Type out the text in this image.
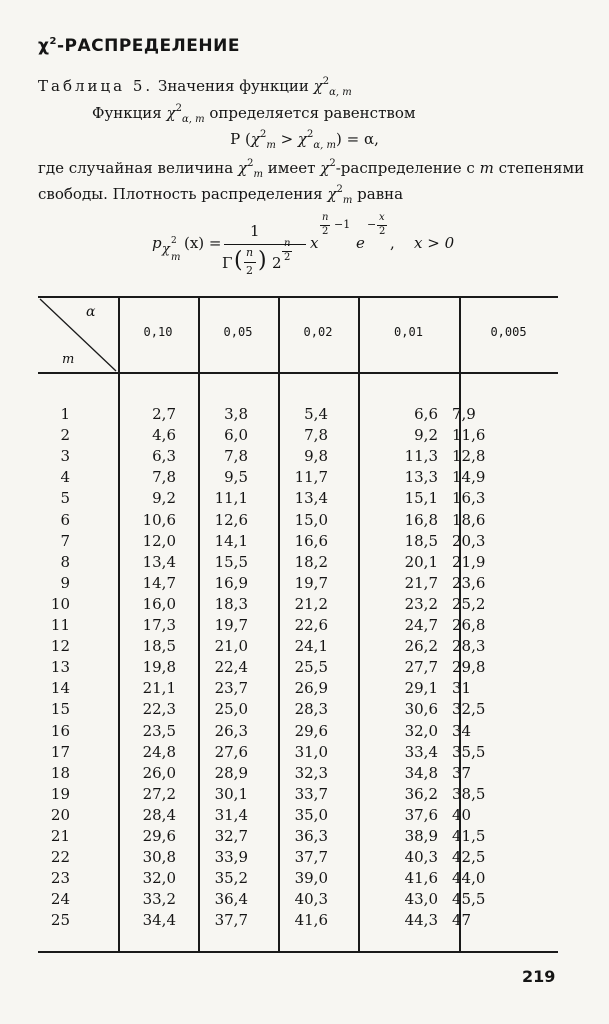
$\chi^2$-РАСПРЕДЕЛЕНИЕ
Таблица 5. Значения функции $\chi^2_{\alpha, m}$
Функция $\chi^2_{\alpha, m}$ определяется равенством
P $(\chi^2_m > \chi^2_{\alpha, m}) = \alpha$,
где случайная величина $\chi^2_m$ имеет $\chi^2$-распределение с m степенями
свободы. Плотность распределения $\chi^2_m$ равна
p χ
2
m
(x) =
1
Γ ( n
2 ) 2
n
2
x
n
2
−1
e
−
x
2
, x > 0
α
m
0,10	0,05	0,02	0,01	0,005
1	2,7	3,8	5,4	6,6 7,9
2	4,6	6,0	7,8	9,2 11,6
3	6,3	7,8	9,8	11,3 12,8
4	7,8	9,5	11,7	13,3 14,9
5	9,2	11,1	13,4	15,1 16,3
6	10,6	12,6	15,0	16,8 18,6
7	12,0	14,1	16,6	18,5 20,3
8	13,4	15,5	18,2	20,1 21,9
9	14,7	16,9	19,7	21,7 23,6
10	16,0	18,3	21,2	23,2 25,2
11	17,3	19,7	22,6	24,7 26,8
12	18,5	21,0	24,1	26,2 28,3
13	19,8	22,4	25,5	27,7 29,8
14	21,1	23,7	26,9	29,1 31
15	22,3	25,0	28,3	30,6 32,5
16	23,5	26,3	29,6	32,0 34
17	24,8	27,6	31,0	33,4 35,5
18	26,0	28,9	32,3	34,8 37
19	27,2	30,1	33,7	36,2 38,5
20	28,4	31,4	35,0	37,6 40
21	29,6	32,7	36,3	38,9 41,5
22	30,8	33,9	37,7	40,3 42,5
23	32,0	35,2	39,0	41,6 44,0
24	33,2	36,4	40,3	43,0 45,5
25	34,4	37,7	41,6	44,3 47
219
